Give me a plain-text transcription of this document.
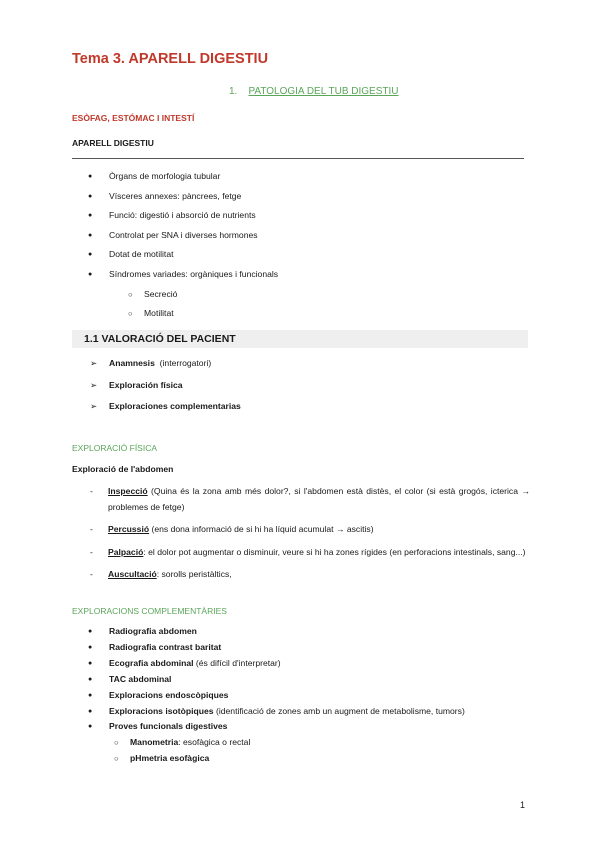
Tema 3. APARELL DIGESTIU
1. PATOLOGIA DEL TUB DIGESTIU
ESÒFAG, ESTÓMAC I INTESTÍ
APARELL DIGESTIU
● Òrgans de morfologia tubular
● Vísceres annexes: pàncrees, fetge
● Funció: digestió i absorció de nutrients
● Controlat per SNA i diverses hormones
● Dotat de motilitat
● Síndromes variades: orgàniques i funcionals
○ Secreció
○ Motilitat
1.1 VALORACIÓ DEL PACIENT
➢ Anamnesis (interrogatori)
➢ Exploración física
➢ Exploraciones complementarias
EXPLORACIÓ FÍSICA
Exploració de l'abdomen
- Inspecció (Quina és la zona amb més dolor?, si l'abdomen està distès, el color (si està grogós, icterica → problemes de fetge)
- Percussió (ens dona informació de si hi ha líquid acumulat → ascitis)
- Palpació: el dolor pot augmentar o disminuir, veure si hi ha zones rígides (en perforacions intestinals, sang...)
- Auscultació: sorolls peristàltics,
EXPLORACIONS COMPLEMENTÀRIES
● Radiografia abdomen
● Radiografia contrast baritat
● Ecografia abdominal (és difícil d'interpretar)
● TAC abdominal
● Exploracions endoscòpiques
● Exploracions isotòpiques (identificació de zones amb un augment de metabolisme, tumors)
● Proves funcionals digestives
○ Manometria: esofàgica o rectal
○ pHmetria esofàgica
1
